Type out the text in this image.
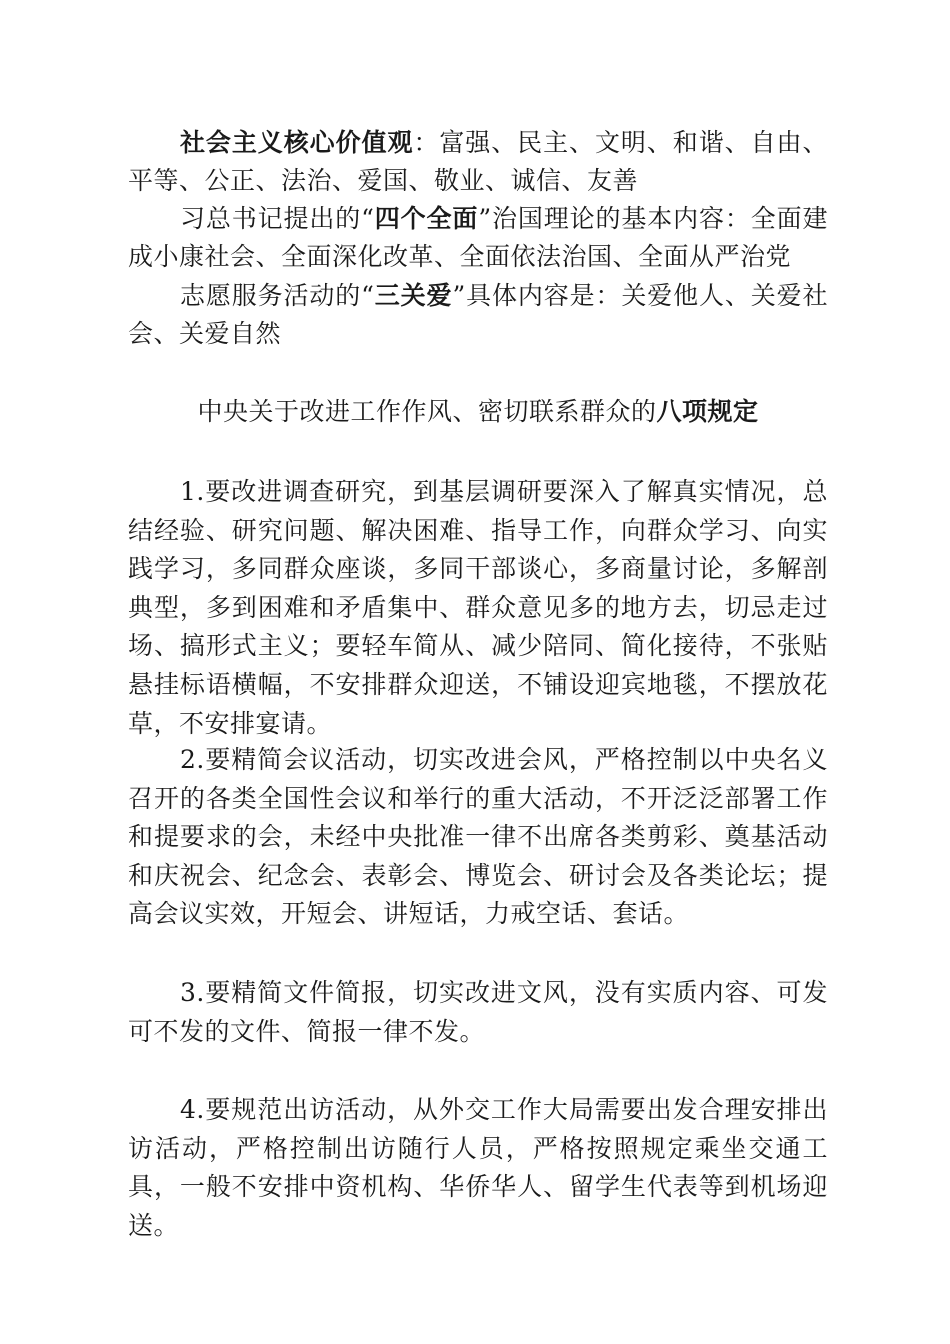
社会主义核心价值观：富强、民主、文明、和谐、自由、平等、公正、法治、爱国、敬业、诚信、友善

习总书记提出的“四个全面”治国理论的基本内容：全面建成小康社会、全面深化改革、全面依法治国、全面从严治党

志愿服务活动的“三关爱”具体内容是：关爱他人、关爱社会、关爱自然

中央关于改进工作作风、密切联系群众的八项规定

1.要改进调查研究，到基层调研要深入了解真实情况，总结经验、研究问题、解决困难、指导工作，向群众学习、向实践学习，多同群众座谈，多同干部谈心，多商量讨论，多解剖典型，多到困难和矛盾集中、群众意见多的地方去，切忌走过场、搞形式主义；要轻车简从、减少陪同、简化接待，不张贴悬挂标语横幅，不安排群众迎送，不铺设迎宾地毯，不摆放花草，不安排宴请。

2.要精简会议活动，切实改进会风，严格控制以中央名义召开的各类全国性会议和举行的重大活动，不开泛泛部署工作和提要求的会，未经中央批准一律不出席各类剪彩、奠基活动和庆祝会、纪念会、表彰会、博览会、研讨会及各类论坛；提高会议实效，开短会、讲短话，力戒空话、套话。

3.要精简文件简报，切实改进文风，没有实质内容、可发可不发的文件、简报一律不发。

4.要规范出访活动，从外交工作大局需要出发合理安排出访活动，严格控制出访随行人员，严格按照规定乘坐交通工具，一般不安排中资机构、华侨华人、留学生代表等到机场迎送。
